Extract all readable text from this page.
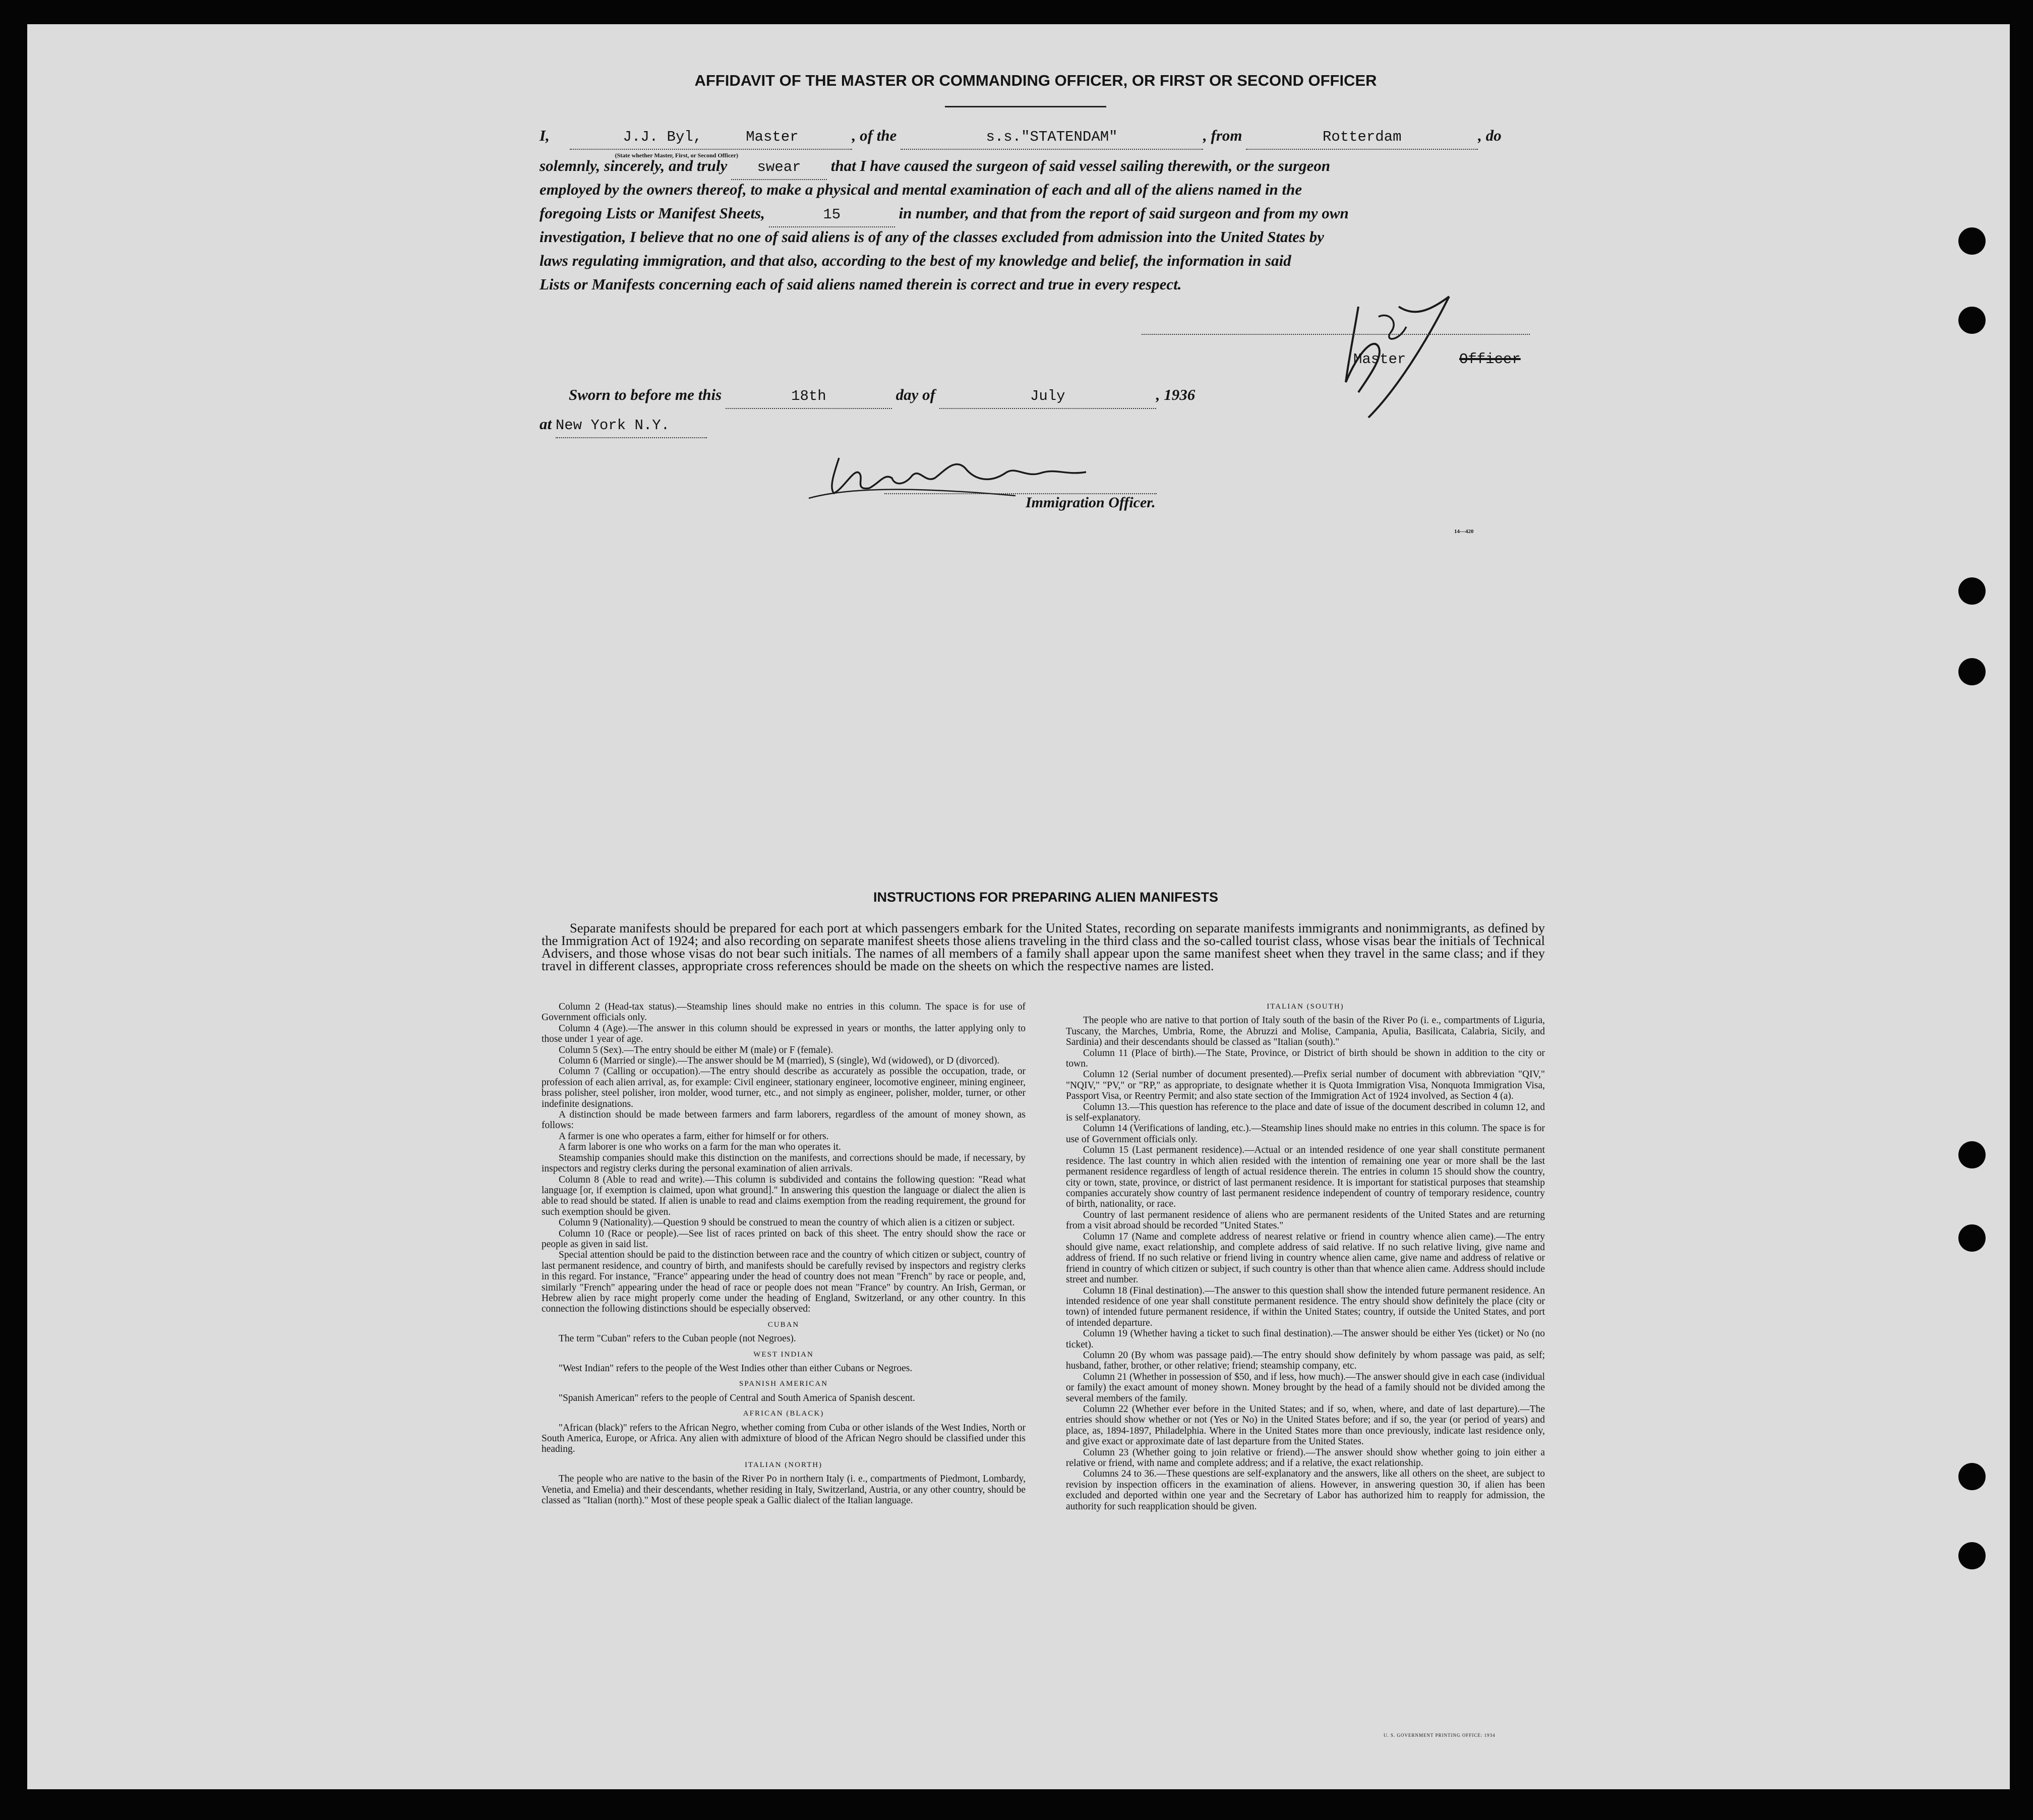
AFFIDAVIT OF THE MASTER OR COMMANDING OFFICER, OR FIRST OR SECOND OFFICER
I,	J.J. Byl,	Master
(State whether Master, First, or Second Officer)
, of the	s.s."STATENDAM"	, from	Rotterdam	, do
solemnly, sincerely, and truly swear that I have caused the surgeon of said vessel sailing therewith, or the surgeon
employed by the owners thereof, to make a physical and mental examination of each and all of the aliens named in the
foregoing Lists or Manifest Sheets,	15	in number, and that from the report of said surgeon and from my own
investigation, I believe that no one of said aliens is of any of the classes excluded from admission into the United States by
laws regulating immigration, and that also, according to the best of my knowledge and belief, the information in said
Lists or Manifests concerning each of said aliens named therein is correct and true in every respect.
Master	Officer
Sworn to before me this	18th	day of	July	, 1936
at New York N.Y.
Immigration Officer.
14—420
INSTRUCTIONS FOR PREPARING ALIEN MANIFESTS
Separate manifests should be prepared for each port at which passengers embark for the United States, recording on separate manifests immigrants and nonimmigrants, as defined by the Immigration Act of 1924; and also recording on separate manifest sheets those aliens traveling in the third class and the so-called tourist class, whose visas bear the initials of Technical Advisers, and those whose visas do not bear such initials. The names of all members of a family shall appear upon the same manifest sheet when they travel in the same class; and if they travel in different classes, appropriate cross references should be made on the sheets on which the respective names are listed.

Column 2 (Head-tax status).—Steamship lines should make no entries in this column. The space is for use of Government officials only.

Column 4 (Age).—The answer in this column should be expressed in years or months, the latter applying only to those under 1 year of age.

Column 5 (Sex).—The entry should be either M (male) or F (female).

Column 6 (Married or single).—The answer should be M (married), S (single), Wd (widowed), or D (divorced).

Column 7 (Calling or occupation).—The entry should describe as accurately as possible the occupation, trade, or profession of each alien arrival, as, for example: Civil engineer, stationary engineer, locomotive engineer, mining engineer, brass polisher, steel polisher, iron molder, wood turner, etc., and not simply as engineer, polisher, molder, turner, or other indefinite designations.

A distinction should be made between farmers and farm laborers, regardless of the amount of money shown, as follows:

A farmer is one who operates a farm, either for himself or for others.

A farm laborer is one who works on a farm for the man who operates it.

Steamship companies should make this distinction on the manifests, and corrections should be made, if necessary, by inspectors and registry clerks during the personal examination of alien arrivals.

Column 8 (Able to read and write).—This column is subdivided and contains the following question: "Read what language [or, if exemption is claimed, upon what ground]." In answering this question the language or dialect the alien is able to read should be stated. If alien is unable to read and claims exemption from the reading requirement, the ground for such exemption should be given.

Column 9 (Nationality).—Question 9 should be construed to mean the country of which alien is a citizen or subject.

Column 10 (Race or people).—See list of races printed on back of this sheet. The entry should show the race or people as given in said list.

Special attention should be paid to the distinction between race and the country of which citizen or subject, country of last permanent residence, and country of birth, and manifests should be carefully revised by inspectors and registry clerks in this regard. For instance, "France" appearing under the head of country does not mean "French" by race or people, and, similarly "French" appearing under the head of race or people does not mean "France" by country. An Irish, German, or Hebrew alien by race might properly come under the heading of England, Switzerland, or any other country. In this connection the following distinctions should be especially observed:

CUBAN

The term "Cuban" refers to the Cuban people (not Negroes).

WEST INDIAN

"West Indian" refers to the people of the West Indies other than either Cubans or Negroes.

SPANISH AMERICAN

"Spanish American" refers to the people of Central and South America of Spanish descent.

AFRICAN (BLACK)

"African (black)" refers to the African Negro, whether coming from Cuba or other islands of the West Indies, North or South America, Europe, or Africa. Any alien with admixture of blood of the African Negro should be classified under this heading.

ITALIAN (NORTH)

The people who are native to the basin of the River Po in northern Italy (i. e., compartments of Piedmont, Lombardy, Venetia, and Emelia) and their descendants, whether residing in Italy, Switzerland, Austria, or any other country, should be classed as "Italian (north)." Most of these people speak a Gallic dialect of the Italian language.

ITALIAN (SOUTH)

The people who are native to that portion of Italy south of the basin of the River Po (i. e., compartments of Liguria, Tuscany, the Marches, Umbria, Rome, the Abruzzi and Molise, Campania, Apulia, Basilicata, Calabria, Sicily, and Sardinia) and their descendants should be classed as "Italian (south)."

Column 11 (Place of birth).—The State, Province, or District of birth should be shown in addition to the city or town.

Column 12 (Serial number of document presented).—Prefix serial number of document with abbreviation "QIV," "NQIV," "PV," or "RP," as appropriate, to designate whether it is Quota Immigration Visa, Nonquota Immigration Visa, Passport Visa, or Reentry Permit; and also state section of the Immigration Act of 1924 involved, as Section 4 (a).

Column 13.—This question has reference to the place and date of issue of the document described in column 12, and is self-explanatory.

Column 14 (Verifications of landing, etc.).—Steamship lines should make no entries in this column. The space is for use of Government officials only.

Column 15 (Last permanent residence).—Actual or an intended residence of one year shall constitute permanent residence. The last country in which alien resided with the intention of remaining one year or more shall be the last permanent residence regardless of length of actual residence therein. The entries in column 15 should show the country, city or town, state, province, or district of last permanent residence. It is important for statistical purposes that steamship companies accurately show country of last permanent residence independent of country of temporary residence, country of birth, nationality, or race.

Country of last permanent residence of aliens who are permanent residents of the United States and are returning from a visit abroad should be recorded "United States."

Column 17 (Name and complete address of nearest relative or friend in country whence alien came).—The entry should give name, exact relationship, and complete address of said relative. If no such relative living, give name and address of friend. If no such relative or friend living in country whence alien came, give name and address of relative or friend in country of which citizen or subject, if such country is other than that whence alien came. Address should include street and number.

Column 18 (Final destination).—The answer to this question shall show the intended future permanent residence. An intended residence of one year shall constitute permanent residence. The entry should show definitely the place (city or town) of intended future permanent residence, if within the United States; country, if outside the United States, and port of intended departure.

Column 19 (Whether having a ticket to such final destination).—The answer should be either Yes (ticket) or No (no ticket).

Column 20 (By whom was passage paid).—The entry should show definitely by whom passage was paid, as self; husband, father, brother, or other relative; friend; steamship company, etc.

Column 21 (Whether in possession of $50, and if less, how much).—The answer should give in each case (individual or family) the exact amount of money shown. Money brought by the head of a family should not be divided among the several members of the family.

Column 22 (Whether ever before in the United States; and if so, when, where, and date of last departure).—The entries should show whether or not (Yes or No) in the United States before; and if so, the year (or period of years) and place, as, 1894-1897, Philadelphia. Where in the United States more than once previously, indicate last residence only, and give exact or approximate date of last departure from the United States.

Column 23 (Whether going to join relative or friend).—The answer should show whether going to join either a relative or friend, with name and complete address; and if a relative, the exact relationship.

Columns 24 to 36.—These questions are self-explanatory and the answers, like all others on the sheet, are subject to revision by inspection officers in the examination of aliens. However, in answering question 30, if alien has been excluded and deported within one year and the Secretary of Labor has authorized him to reapply for admission, the authority for such reapplication should be given.

U. S. GOVERNMENT PRINTING OFFICE: 1934
